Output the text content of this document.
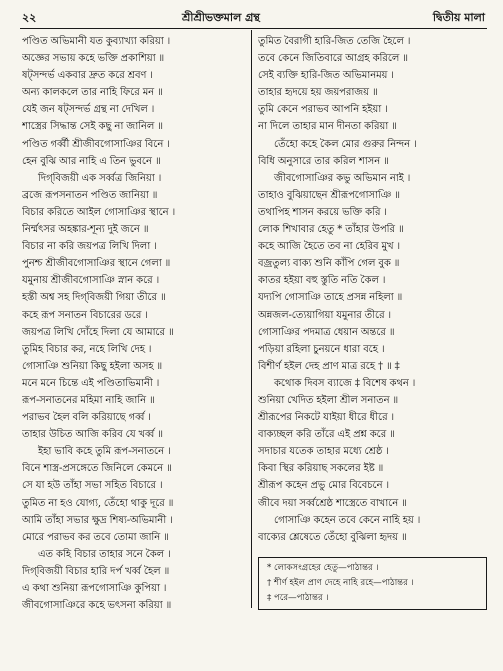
২২	শ্রীশ্রীভক্তমাল গ্রন্থ	দ্বিতীয় মালা
পণ্ডিত অভিমানী যত কুব্যাখ্যা করিয়া ।
অজ্ঞের সভায় কহে ভক্তি প্রকাশিয়া ॥
ষট্‌সন্দর্ভ একবার দ্রুত করে শ্রবণ ।
অন্য কালকলে তার নাহি ফিরে মন ॥
যেই জন ষট্‌সন্দর্ভ গ্রন্থ না দেখিল ।
শাস্ত্রের সিদ্ধান্ত সেই কছু না জানিল ॥
পণ্ডিত গর্ব্বী শ্রীজীবগোসাঞির বিনে ।
হেন বুঝি আর নাহি এ তিন ভুবনে ॥
দিগ্‌বিজয়ী এক সর্ব্বত্র জিনিয়া ।
ব্রজে রূপসনাতন পণ্ডিত জানিয়া ॥
বিচার করিতে আইল গোসাঞির স্থানে ।
নির্ম্মৎসর অহঙ্কার-শূন্য দুই জনে ॥
বিচার না করি জয়পত্র লিখি দিলা ।
পুনশ্চ শ্রীজীবগোসাঞির স্থানে গেলা ॥
যমুনায় শ্রীজীবগোসাঞি স্নান করে ।
হস্তী অশ্ব সহ দিগ্‌বিজয়ী গিয়া তীরে ॥
কহে রূপ সনাতন বিচারের ডরে ।
জয়পত্র লিখি দোঁহে দিলা যে আমারে ॥
তুমিহ বিচার কর, নহে লিখি দেহ ।
গোসাঞি শুনিয়া কিছু হইলা অসহ ॥
মনে মনে চিন্তে এই পণ্ডিতাভিমানী ।
রূপ-সনাতনের মহিমা নাহি জানি ॥
পরাভব হৈল বলি করিয়াছে গর্ব্ব ।
তাহার উচিত আজি করিব যে খর্ব্ব ॥
ইহা ভাবি কহে তুমি রূপ-সনাতনে ।
বিনে শাস্ত্র-প্রসঙ্গেতে জিনিলে কেমনে ॥
সে যা হউ তাঁহা সভা সহিত বিচারে ।
তুমিত না হও যোগ্য, তেঁহো থাকু দূরে ॥
আমি তাঁহা সভার ক্ষুদ্র শিষ্য-অভিমানী ।
মোরে পরাভব কর তবে তোমা জানি ॥
এত কহি বিচার তাহার সনে কৈল ।
দিগ্‌বিজয়ী বিচার হারি দর্প খর্ব্ব হৈল ॥
এ কথা শুনিয়া রূপগোসাঞি কুপিয়া ।
জীবগোসাঞিরে কহে ভৎসনা করিয়া ॥
তুমিত বৈরাগী হারি-জিত তেজি হৈলে ।
তবে কেনে জিতিবারে আগ্রহ করিলে ॥
সেই ব্যক্তি হারি-জিত অভিমানময় ।
তাহার হৃদয়ে হয় জয়পরাজয় ॥
তুমি কেনে পরাভব আপনি হইয়া ।
না দিলে তাহার মান দীনতা করিয়া ॥
তেঁহো কহে কৈল মোর গুরুর নিন্দন ।
বিধি অনুসারে তার করিল শাসন ॥
জীবগোসাঞির কভু অভিমান নাই ।
তাহাও বুঝিয়াছেন শ্রীরূপগোসাঞি ॥
তথাপিহ শাসন করয়ে ভক্তি করি ।
লোক শিখাবার হেতু * তাঁহার উপরি ॥
কহে আজি হৈতে তব না হেরিব মুখ ।
বজ্রতুল্য বাক্য শুনি কাঁপি গেল বুক ॥
কাতর হইয়া বহু স্তুতি নতি কৈল ।
যদ্যপি গোসাঞি তাহে প্রসন্ন নহিলা ॥
অন্নজল-ত্যেয়াগিয়া যমুনার তীরে ।
গোসাঞির পদমাত্র ধেয়ান অন্তরে ॥
পড়িয়া রহিলা চুনয়নে ধারা বহে ।
বিশীর্ণ হইল দেহ প্রাণ মাত্র রহে † ॥ ‡
কথোক দিবস ব্যাজে ‡ বিশেষ কথন ।
শুনিয়া খেদিত হইলা শ্রীল সনাতন ॥
শ্রীরূপের নিকটে যাইয়া ধীরে ধীরে ।
বাক্যচ্ছল করি তাঁরে এই প্রশ্ন করে ॥
সদাচার যতেক তাহার মধ্যে শ্রেষ্ঠ ।
কিবা স্থির করিয়াছ সকলের ইষ্ট ॥
শ্রীরূপ কহেন প্রভু মোর বিবেচনে ।
জীবে দয়া সর্ব্বশ্রেষ্ঠ শাস্ত্রেতে বাখানে ॥
গোসাঞি কহেন তবে কেনে নাহি হয় ।
বাক্যের শ্লেষেতে তেঁহো বুঝিলা হৃদয় ॥
* লোকসংগ্রহের হেতু—পাঠান্তর ।
† শীর্ণ হইল প্রাণ দেহে নাহি রহে—পাঠান্তর ।
‡ পরে—পাঠান্তর ।
